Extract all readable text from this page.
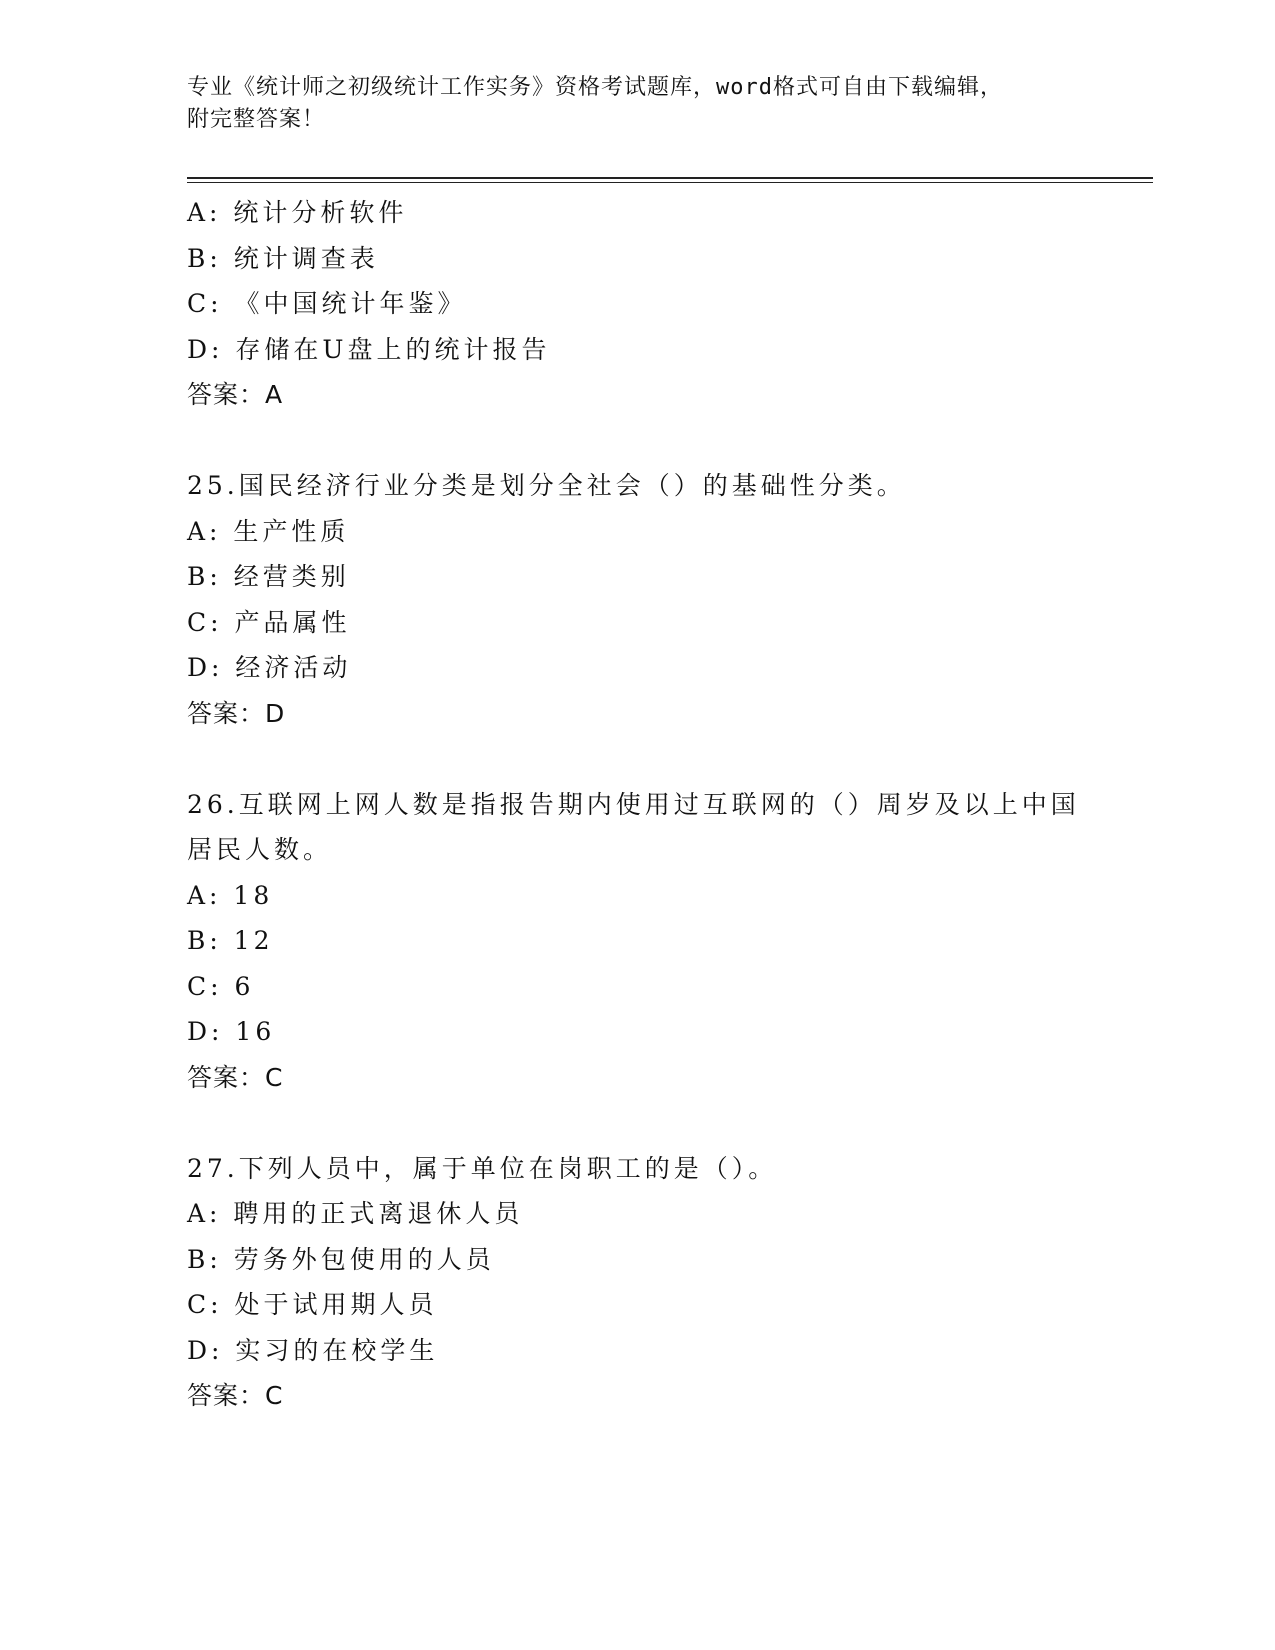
专业《统计师之初级统计工作实务》资格考试题库，word格式可自由下载编辑，
附完整答案！
A: 统计分析软件
B: 统计调查表
C: 《中国统计年鉴》
D: 存储在U盘上的统计报告
答案：A
25.国民经济行业分类是划分全社会（）的基础性分类。
A: 生产性质
B: 经营类别
C: 产品属性
D: 经济活动
答案：D
26.互联网上网人数是指报告期内使用过互联网的（）周岁及以上中国
居民人数。
A: 18
B: 12
C: 6
D: 16
答案：C
27.下列人员中，属于单位在岗职工的是（）。
A: 聘用的正式离退休人员
B: 劳务外包使用的人员
C: 处于试用期人员
D: 实习的在校学生
答案：C
